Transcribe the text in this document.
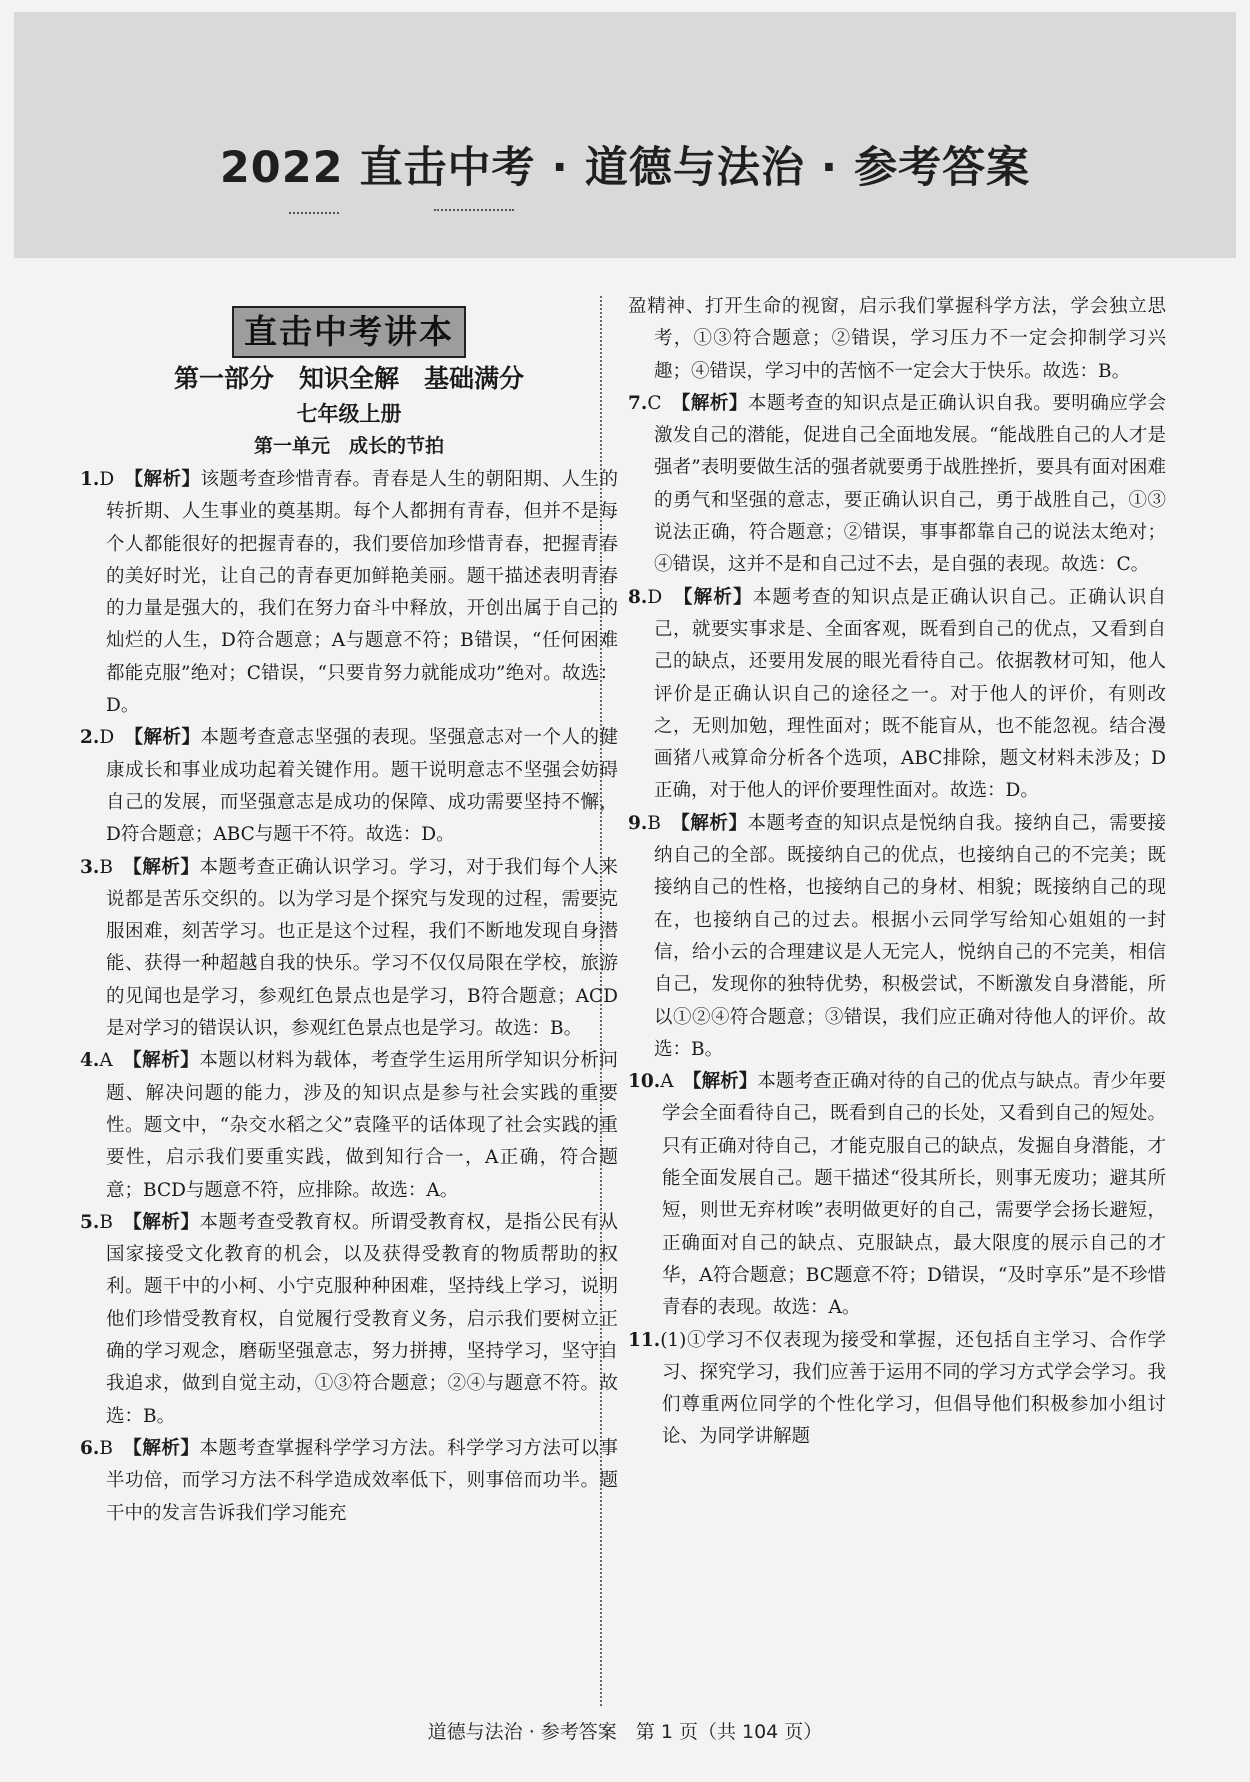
2022 直击中考 · 道德与法治 · 参考答案
直击中考讲本
第一部分　知识全解　基础满分
七年级上册
第一单元　成长的节拍
1.D　 【解析】该题考查珍惜青春。青春是人生的朝阳期、人生的转折期、人生事业的奠基期。每个人都拥有青春，但并不是每个人都能很好的把握青春的，我们要倍加珍惜青春，把握青春的美好时光，让自己的青春更加鲜艳美丽。题干描述表明青春的力量是强大的，我们在努力奋斗中释放，开创出属于自己的灿烂的人生，D符合题意；A与题意不符；B错误，“任何困难都能克服”绝对；C错误，“只要肯努力就能成功”绝对。故选：D。
2.D　 【解析】本题考查意志坚强的表现。坚强意志对一个人的健康成长和事业成功起着关键作用。题干说明意志不坚强会妨碍自己的发展，而坚强意志是成功的保障、成功需要坚持不懈，D符合题意；ABC与题干不符。故选：D。
3.B　 【解析】本题考查正确认识学习。学习，对于我们每个人来说都是苦乐交织的。以为学习是个探究与发现的过程，需要克服困难，刻苦学习。也正是这个过程，我们不断地发现自身潜能、获得一种超越自我的快乐。学习不仅仅局限在学校，旅游的见闻也是学习，参观红色景点也是学习，B符合题意；ACD是对学习的错误认识，参观红色景点也是学习。故选：B。
4.A　 【解析】本题以材料为载体，考查学生运用所学知识分析问题、解决问题的能力，涉及的知识点是参与社会实践的重要性。题文中，“杂交水稻之父”袁隆平的话体现了社会实践的重要性，启示我们要重实践，做到知行合一，A正确，符合题意；BCD与题意不符，应排除。故选：A。
5.B　 【解析】本题考查受教育权。所谓受教育权，是指公民有从国家接受文化教育的机会，以及获得受教育的物质帮助的权利。题干中的小柯、小宁克服种种困难，坚持线上学习，说明他们珍惜受教育权，自觉履行受教育义务，启示我们要树立正确的学习观念，磨砺坚强意志，努力拼搏，坚持学习，坚守自我追求，做到自觉主动，①③符合题意；②④与题意不符。故选：B。
6.B　 【解析】本题考查掌握科学学习方法。科学学习方法可以事半功倍，而学习方法不科学造成效率低下，则事倍而功半。题干中的发言告诉我们学习能充
盈精神、打开生命的视窗，启示我们掌握科学方法，学会独立思考，①③符合题意；②错误，学习压力不一定会抑制学习兴趣；④错误，学习中的苦恼不一定会大于快乐。故选：B。
7.C　 【解析】本题考查的知识点是正确认识自我。要明确应学会激发自己的潜能，促进自己全面地发展。“能战胜自己的人才是强者”表明要做生活的强者就要勇于战胜挫折，要具有面对困难的勇气和坚强的意志，要正确认识自己，勇于战胜自己，①③说法正确，符合题意；②错误，事事都靠自己的说法太绝对；④错误，这并不是和自己过不去，是自强的表现。故选：C。
8.D　 【解析】本题考查的知识点是正确认识自己。正确认识自己，就要实事求是、全面客观，既看到自己的优点，又看到自己的缺点，还要用发展的眼光看待自己。依据教材可知，他人评价是正确认识自己的途径之一。对于他人的评价，有则改之，无则加勉，理性面对；既不能盲从，也不能忽视。结合漫画猪八戒算命分析各个选项，ABC排除，题文材料未涉及；D正确，对于他人的评价要理性面对。故选：D。
9.B　 【解析】本题考查的知识点是悦纳自我。接纳自己，需要接纳自己的全部。既接纳自己的优点，也接纳自己的不完美；既接纳自己的性格，也接纳自己的身材、相貌；既接纳自己的现在，也接纳自己的过去。根据小云同学写给知心姐姐的一封信，给小云的合理建议是人无完人，悦纳自己的不完美，相信自己，发现你的独特优势，积极尝试，不断激发自身潜能，所以①②④符合题意；③错误，我们应正确对待他人的评价。故选：B。
10.A　 【解析】本题考查正确对待的自己的优点与缺点。青少年要学会全面看待自己，既看到自己的长处，又看到自己的短处。只有正确对待自己，才能克服自己的缺点，发掘自身潜能，才能全面发展自己。题干描述“役其所长，则事无废功；避其所短，则世无弃材唉”表明做更好的自己，需要学会扬长避短，正确面对自己的缺点、克服缺点，最大限度的展示自己的才华，A符合题意；BC题意不符；D错误，“及时享乐”是不珍惜青春的表现。故选：A。
11.(1)①学习不仅表现为接受和掌握，还包括自主学习、合作学习、探究学习，我们应善于运用不同的学习方式学会学习。我们尊重两位同学的个性化学习，但倡导他们积极参加小组讨论、为同学讲解题
道德与法治 · 参考答案　第 1 页（共 104 页）
